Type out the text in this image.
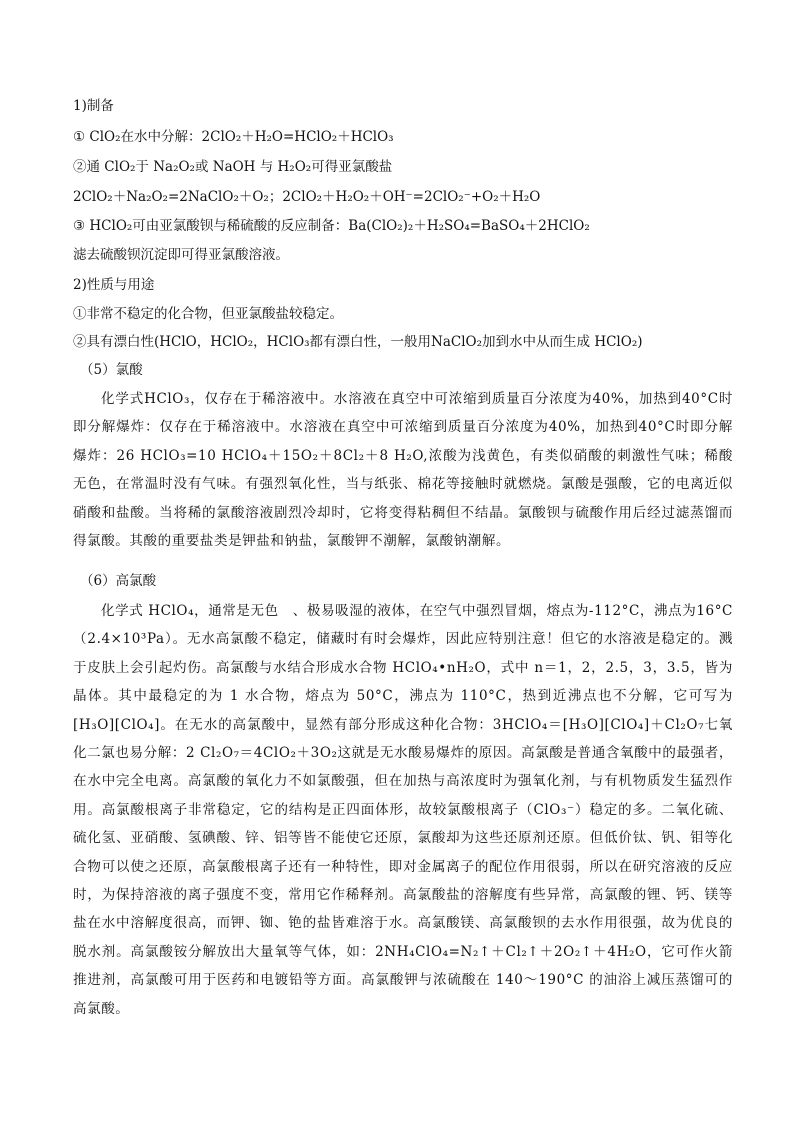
1)制备
① ClO₂在水中分解：2ClO₂＋H₂O=HClO₂＋HClO₃
②通 ClO₂于 Na₂O₂或 NaOH 与 H₂O₂可得亚氯酸盐
2ClO₂＋Na₂O₂=2NaClO₂＋O₂；2ClO₂＋H₂O₂＋OH⁻=2ClO₂⁻+O₂＋H₂O
③ HClO₂可由亚氯酸钡与稀硫酸的反应制备：Ba(ClO₂)₂＋H₂SO₄=BaSO₄＋2HClO₂
滤去硫酸钡沉淀即可得亚氯酸溶液。
2)性质与用途
①非常不稳定的化合物，但亚氯酸盐较稳定。
②具有漂白性(HClO，HClO₂，HClO₃都有漂白性，一般用NaClO₂加到水中从而生成 HClO₂)
（5）氯酸
化学式HClO₃，仅存在于稀溶液中。水溶液在真空中可浓缩到质量百分浓度为40%，加热到40°C时即分解爆炸：仅存在于稀溶液中。水溶液在真空中可浓缩到质量百分浓度为40%，加热到40°C时即分解爆炸：26 HClO₃=10 HClO₄＋15O₂＋8Cl₂＋8 H₂O,浓酸为浅黄色，有类似硝酸的刺激性气味；稀酸无色，在常温时没有气味。有强烈氧化性，当与纸张、棉花等接触时就燃烧。氯酸是强酸，它的电离近似硝酸和盐酸。当将稀的氯酸溶液剧烈冷却时，它将变得粘稠但不结晶。氯酸钡与硫酸作用后经过滤蒸馏而得氯酸。其酸的重要盐类是钾盐和钠盐，氯酸钾不潮解，氯酸钠潮解。
（6）高氯酸
化学式 HClO₄，通常是无色　、极易吸湿的液体，在空气中强烈冒烟，熔点为-112°C，沸点为16°C（2.4×10³Pa）。无水高氯酸不稳定，储藏时有时会爆炸，因此应特别注意！但它的水溶液是稳定的。溅于皮肤上会引起灼伤。高氯酸与水结合形成水合物 HClO₄•nH₂O，式中 n＝1，2，2.5，3，3.5，皆为晶体。其中最稳定的为 1 水合物，熔点为 50°C，沸点为 110°C，热到近沸点也不分解，它可写为[H₃O][ClO₄]。在无水的高氯酸中，显然有部分形成这种化合物：3HClO₄＝[H₃O][ClO₄]＋Cl₂O₇七氧化二氯也易分解：2 Cl₂O₇＝4ClO₂＋3O₂这就是无水酸易爆炸的原因。高氯酸是普通含氧酸中的最强者，在水中完全电离。高氯酸的氧化力不如氯酸强，但在加热与高浓度时为强氧化剂，与有机物质发生猛烈作用。高氯酸根离子非常稳定，它的结构是正四面体形，故较氯酸根离子（ClO₃⁻）稳定的多。二氧化硫、硫化氢、亚硝酸、氢碘酸、锌、铝等皆不能使它还原，氯酸却为这些还原剂还原。但低价钛、钒、钼等化合物可以使之还原，高氯酸根离子还有一种特性，即对金属离子的配位作用很弱，所以在研究溶液的反应时，为保持溶液的离子强度不变，常用它作稀释剂。高氯酸盐的溶解度有些异常，高氯酸的锂、钙、镁等盐在水中溶解度很高，而钾、铷、铯的盐皆难溶于水。高氯酸镁、高氯酸钡的去水作用很强，故为优良的脱水剂。高氯酸铵分解放出大量氧等气体，如：2NH₄ClO₄=N₂↑＋Cl₂↑＋2O₂↑＋4H₂O，它可作火箭推进剂，高氯酸可用于医药和电镀铅等方面。高氯酸钾与浓硫酸在 140～190°C 的油浴上减压蒸馏可的高氯酸。
